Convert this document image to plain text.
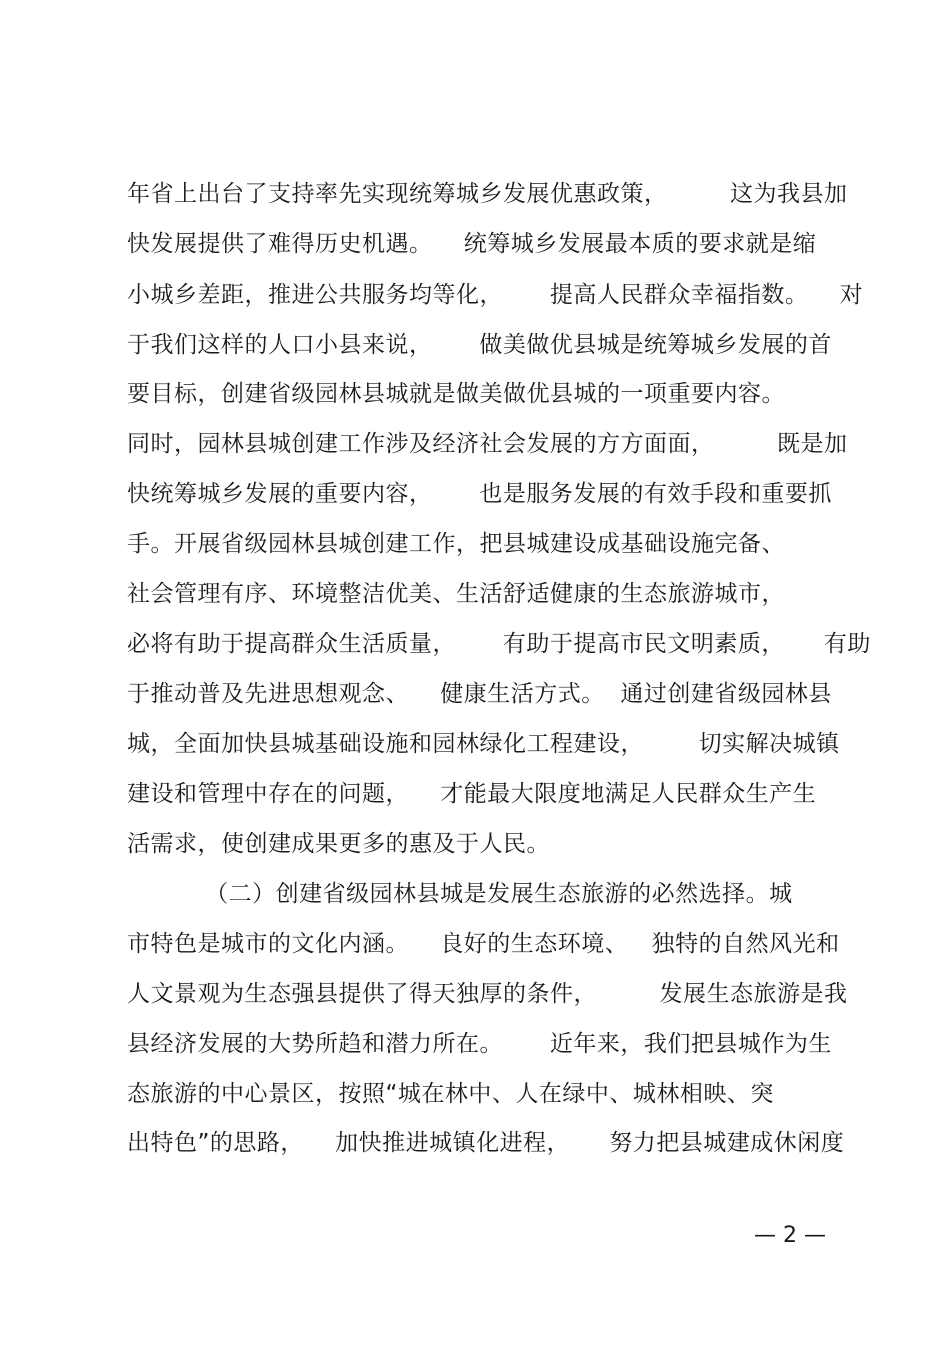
年省上出台了支持率先实现统筹城乡发展优惠政策，        这为我县加
快发展提供了难得历史机遇。    统筹城乡发展最本质的要求就是缩
小城乡差距，推进公共服务均等化，      提高人民群众幸福指数。    对
于我们这样的人口小县来说，      做美做优县城是统筹城乡发展的首
要目标，创建省级园林县城就是做美做优县城的一项重要内容。
同时，园林县城创建工作涉及经济社会发展的方方面面，        既是加
快统筹城乡发展的重要内容，      也是服务发展的有效手段和重要抓
手。开展省级园林县城创建工作，把县城建设成基础设施完备、
社会管理有序、环境整洁优美、生活舒适健康的生态旅游城市，
必将有助于提高群众生活质量，      有助于提高市民文明素质，     有助
于推动普及先进思想观念、    健康生活方式。  通过创建省级园林县
城，全面加快县城基础设施和园林绿化工程建设，       切实解决城镇
建设和管理中存在的问题，    才能最大限度地满足人民群众生产生
活需求，使创建成果更多的惠及于人民。
（二）创建省级园林县城是发展生态旅游的必然选择。城
市特色是城市的文化内涵。    良好的生态环境、   独特的自然风光和
人文景观为生态强县提供了得天独厚的条件，        发展生态旅游是我
县经济发展的大势所趋和潜力所在。      近年来，我们把县城作为生
态旅游的中心景区，按照“城在林中、人在绿中、城林相映、突
出特色”的思路，    加快推进城镇化进程，     努力把县城建成休闲度
— 2 —
